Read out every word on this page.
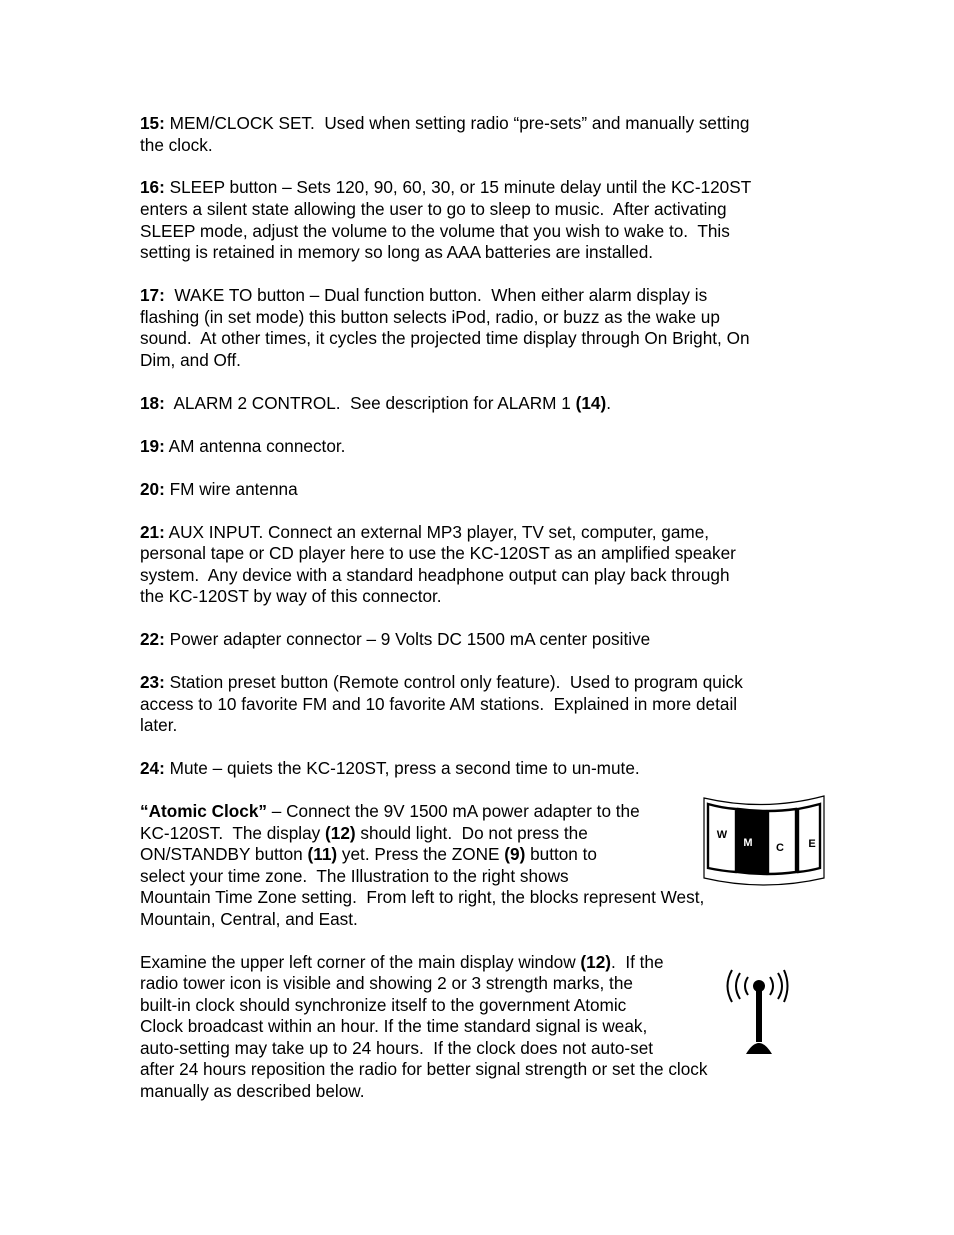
15: MEM/CLOCK SET.  Used when setting radio “pre-sets” and manually setting
the clock.
16: SLEEP button – Sets 120, 90, 60, 30, or 15 minute delay until the KC-120ST
enters a silent state allowing the user to go to sleep to music.  After activating
SLEEP mode, adjust the volume to the volume that you wish to wake to.  This
setting is retained in memory so long as AAA batteries are installed.
17:  WAKE TO button – Dual function button.  When either alarm display is
flashing (in set mode) this button selects iPod, radio, or buzz as the wake up
sound.  At other times, it cycles the projected time display through On Bright, On
Dim, and Off.
18:  ALARM 2 CONTROL.  See description for ALARM 1 (14).
19: AM antenna connector.
20: FM wire antenna
21: AUX INPUT. Connect an external MP3 player, TV set, computer, game,
personal tape or CD player here to use the KC-120ST as an amplified speaker
system.  Any device with a standard headphone output can play back through
the KC-120ST by way of this connector.
22: Power adapter connector – 9 Volts DC 1500 mA center positive
23: Station preset button (Remote control only feature).  Used to program quick
access to 10 favorite FM and 10 favorite AM stations.  Explained in more detail
later.
24: Mute – quiets the KC-120ST, press a second time to un-mute.
“Atomic Clock” – Connect the 9V 1500 mA power adapter to the
KC-120ST.  The display (12) should light.  Do not press the
ON/STANDBY button (11) yet. Press the ZONE (9) button to
select your time zone.  The Illustration to the right shows
Mountain Time Zone setting.  From left to right, the blocks represent West,
Mountain, Central, and East.
W
M C E
Examine the upper left corner of the main display window (12).  If the
radio tower icon is visible and showing 2 or 3 strength marks, the
built-in clock should synchronize itself to the government Atomic
Clock broadcast within an hour. If the time standard signal is weak,
auto-setting may take up to 24 hours.  If the clock does not auto-set
after 24 hours reposition the radio for better signal strength or set the clock
manually as described below.
